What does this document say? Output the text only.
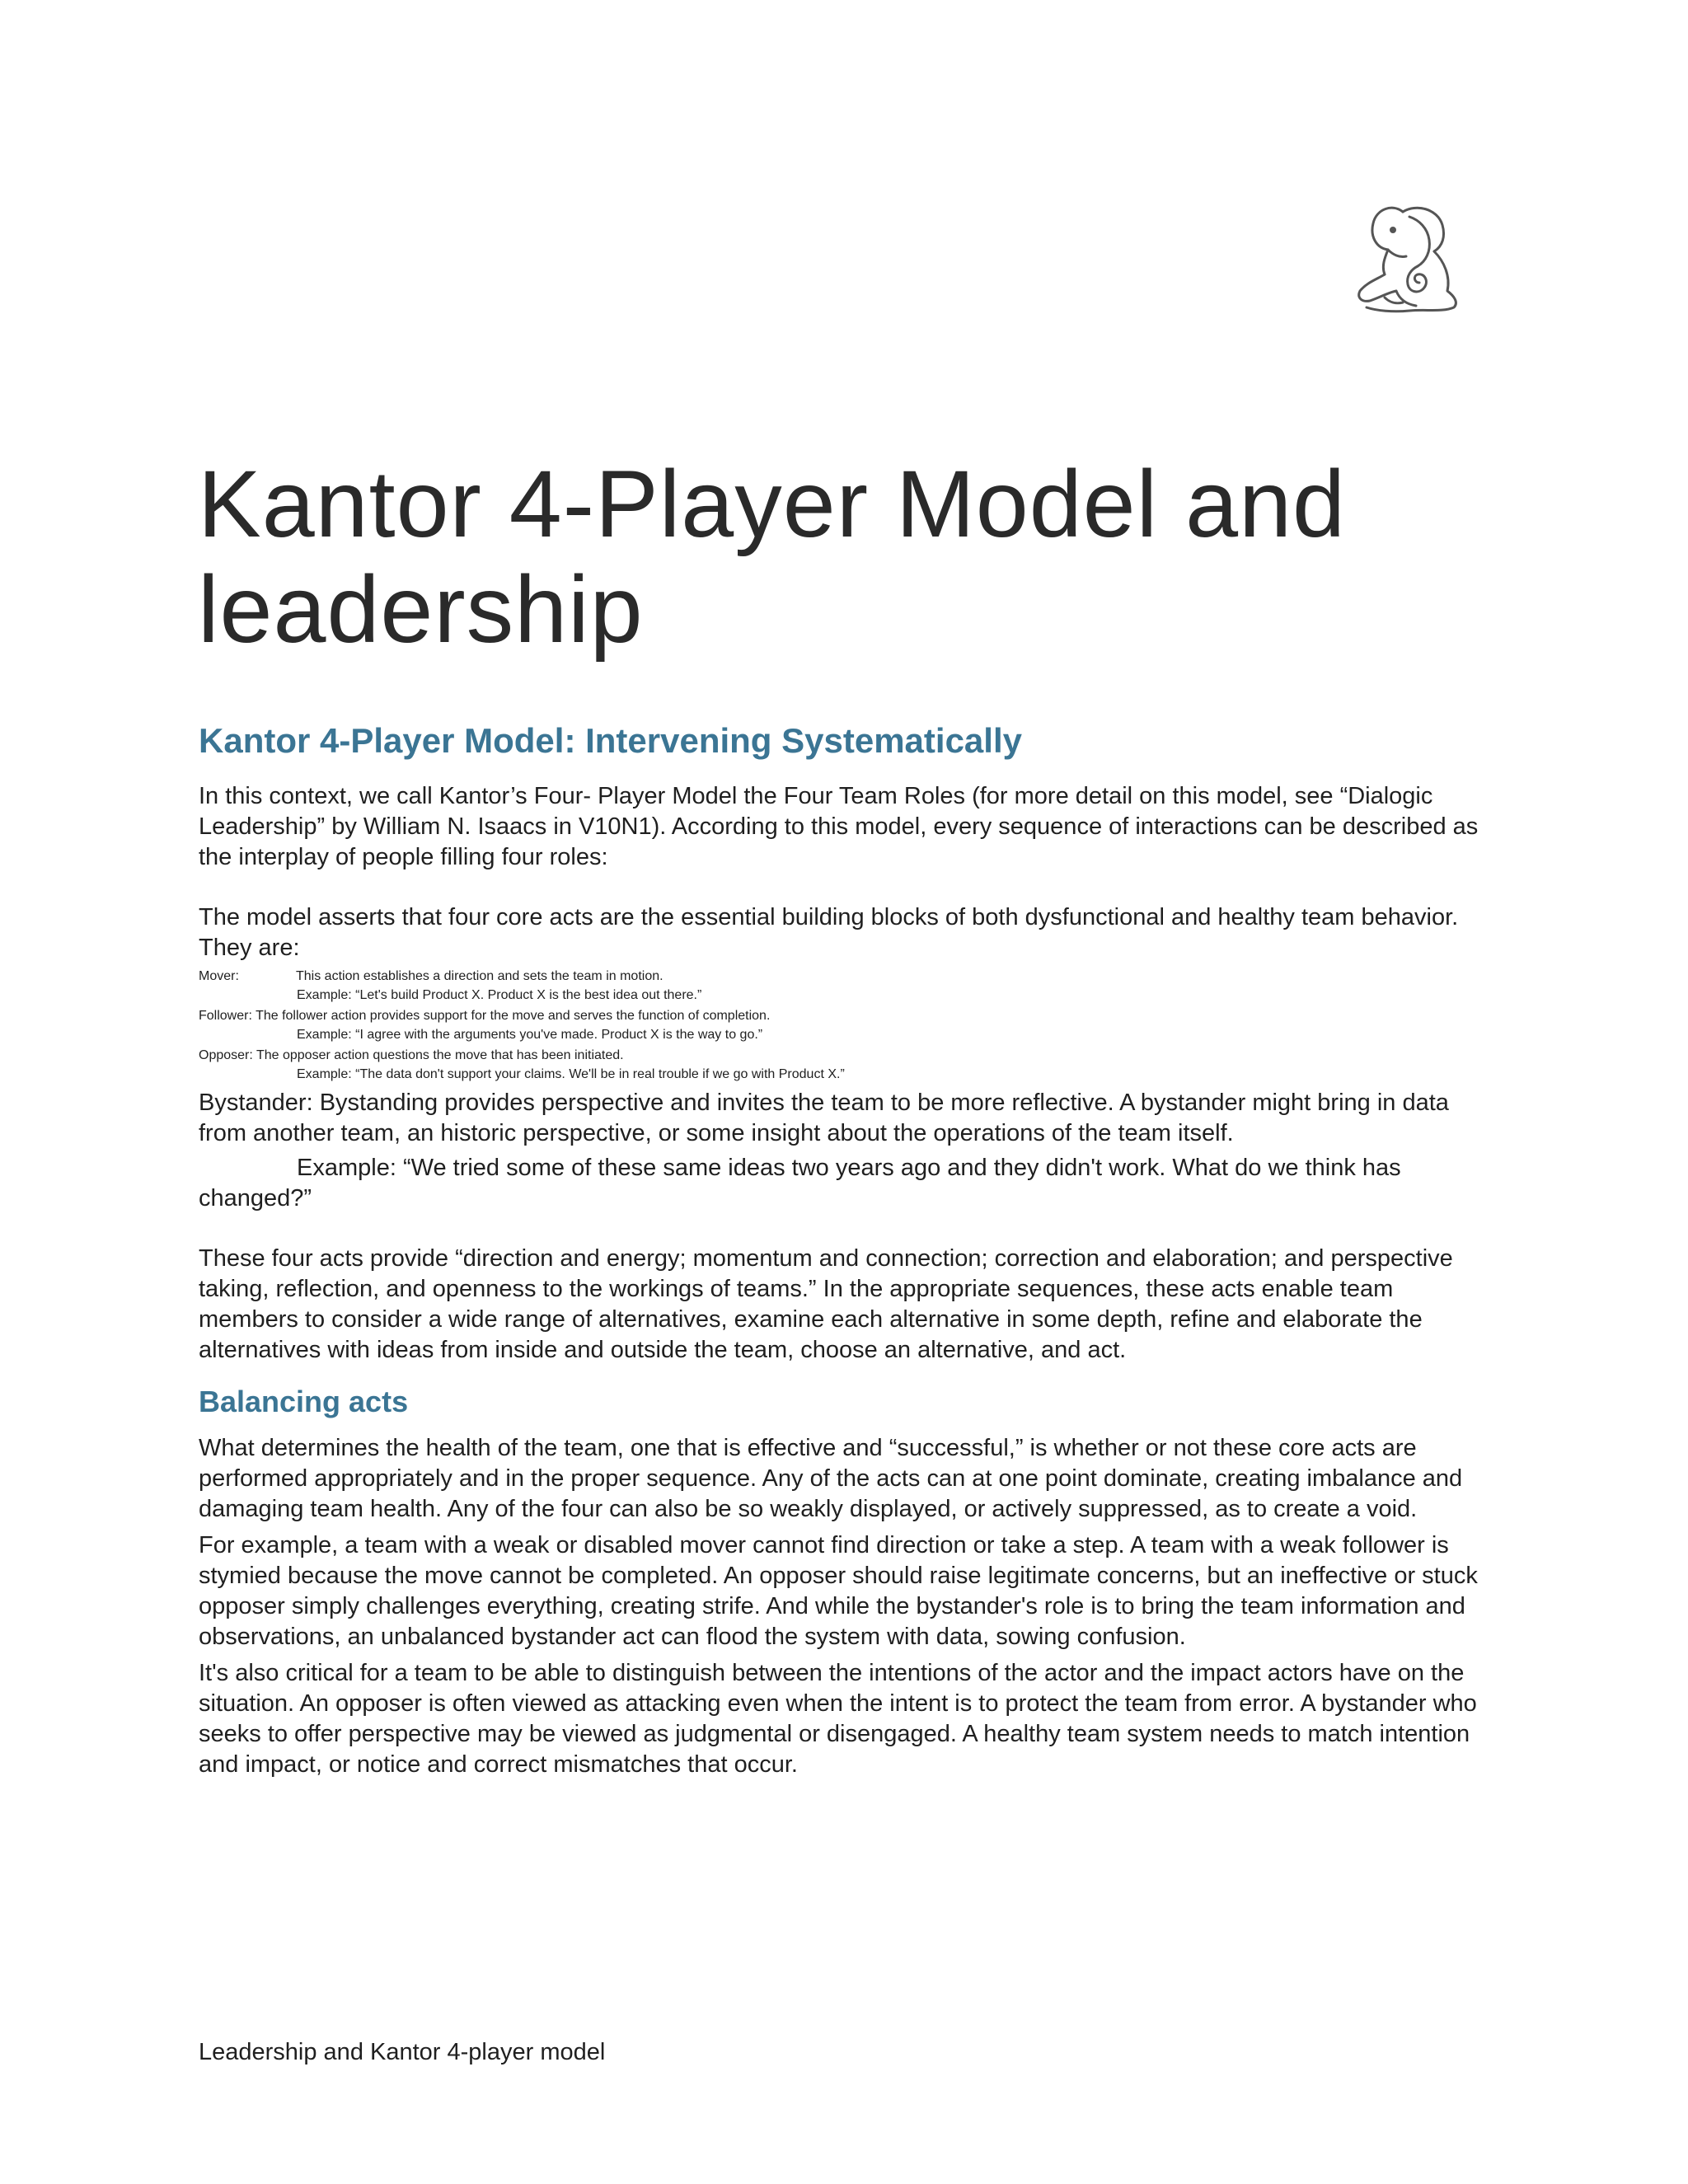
Kantor 4-Player Model and leadership
Kantor 4-Player Model: Intervening Systematically

In this context, we call Kantor’s Four- Player Model the Four Team Roles (for more detail on this model, see “Dialogic Leadership” by William N. Isaacs in V10N1). According to this model, every sequence of interactions can be described as the interplay of people filling four roles:

The model asserts that four core acts are the essential building blocks of both dysfunctional and healthy team behavior. They are:

Mover:	This action establishes a direction and sets the team in motion.
Example: “Let's build Product X. Product X is the best idea out there.”
Follower: The follower action provides support for the move and serves the function of completion.
Example: “I agree with the arguments you've made. Product X is the way to go.”
Opposer: The opposer action questions the move that has been initiated.
Example: “The data don't support your claims. We'll be in real trouble if we go with Product X.”

Bystander: Bystanding provides perspective and invites the team to be more reflective. A bystander might bring in data from another team, an historic perspective, or some insight about the operations of the team itself.

Example: “We tried some of these same ideas two years ago and they didn't work. What do we think has changed?”

These four acts provide “direction and energy; momentum and connection; correction and elaboration; and perspective taking, reflection, and openness to the workings of teams.” In the appropriate sequences, these acts enable team members to consider a wide range of alternatives, examine each alternative in some depth, refine and elaborate the alternatives with ideas from inside and outside the team, choose an alternative, and act.

Balancing acts

What determines the health of the team, one that is effective and “successful,” is whether or not these core acts are performed appropriately and in the proper sequence. Any of the acts can at one point dominate, creating imbalance and damaging team health. Any of the four can also be so weakly displayed, or actively suppressed, as to create a void.

For example, a team with a weak or disabled mover cannot find direction or take a step. A team with a weak follower is stymied because the move cannot be completed. An opposer should raise legitimate concerns, but an ineffective or stuck opposer simply challenges everything, creating strife. And while the bystander's role is to bring the team information and observations, an unbalanced bystander act can flood the system with data, sowing confusion.

It's also critical for a team to be able to distinguish between the intentions of the actor and the impact actors have on the situation. An opposer is often viewed as attacking even when the intent is to protect the team from error. A bystander who seeks to offer perspective may be viewed as judgmental or disengaged. A healthy team system needs to match intention and impact, or notice and correct mismatches that occur.

Leadership and Kantor 4-player model
